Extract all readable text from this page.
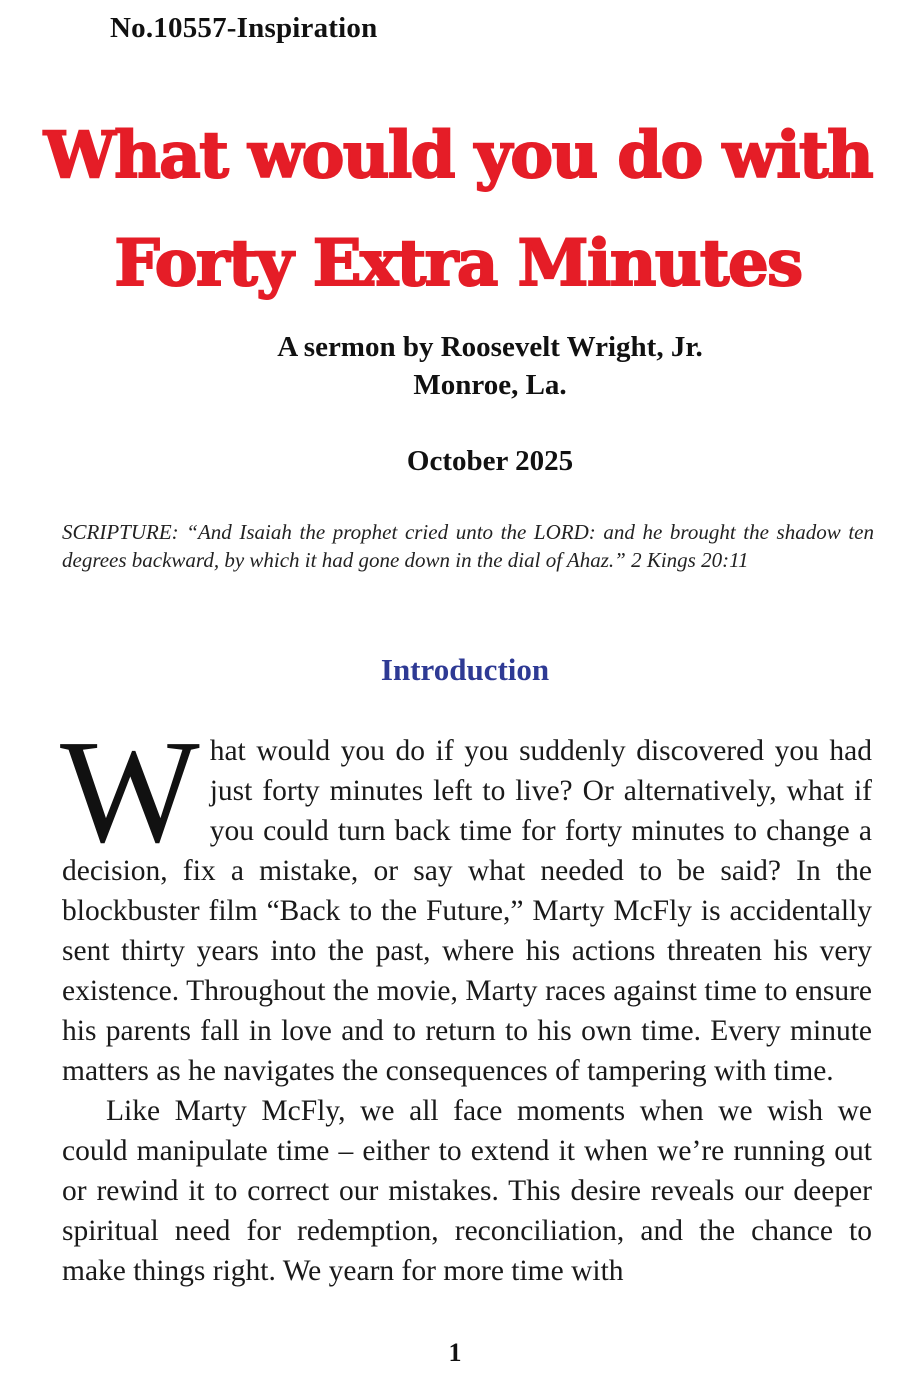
No.10557-Inspiration
What would you do with
Forty Extra Minutes
A sermon by Roosevelt Wright, Jr.
Monroe, La.
October 2025
SCRIPTURE: “And Isaiah the prophet cried unto the LORD: and he brought the shadow ten degrees backward, by which it had gone down in the dial of Ahaz.” 2 Kings 20:11
Introduction

What would you do if you suddenly discovered you had just forty minutes left to live? Or alternatively, what if you could turn back time for forty minutes to change a decision, fix a mistake, or say what needed to be said? In the blockbuster film “Back to the Future,” Marty McFly is accidentally sent thirty years into the past, where his actions threaten his very existence. Throughout the movie, Marty races against time to ensure his parents fall in love and to return to his own time. Every minute matters as he navigates the consequences of tampering with time.

Like Marty McFly, we all face moments when we wish we could manipulate time – either to extend it when we’re running out or rewind it to correct our mistakes. This desire reveals our deeper spiritual need for redemption, reconciliation, and the chance to make things right. We yearn for more time with

1
